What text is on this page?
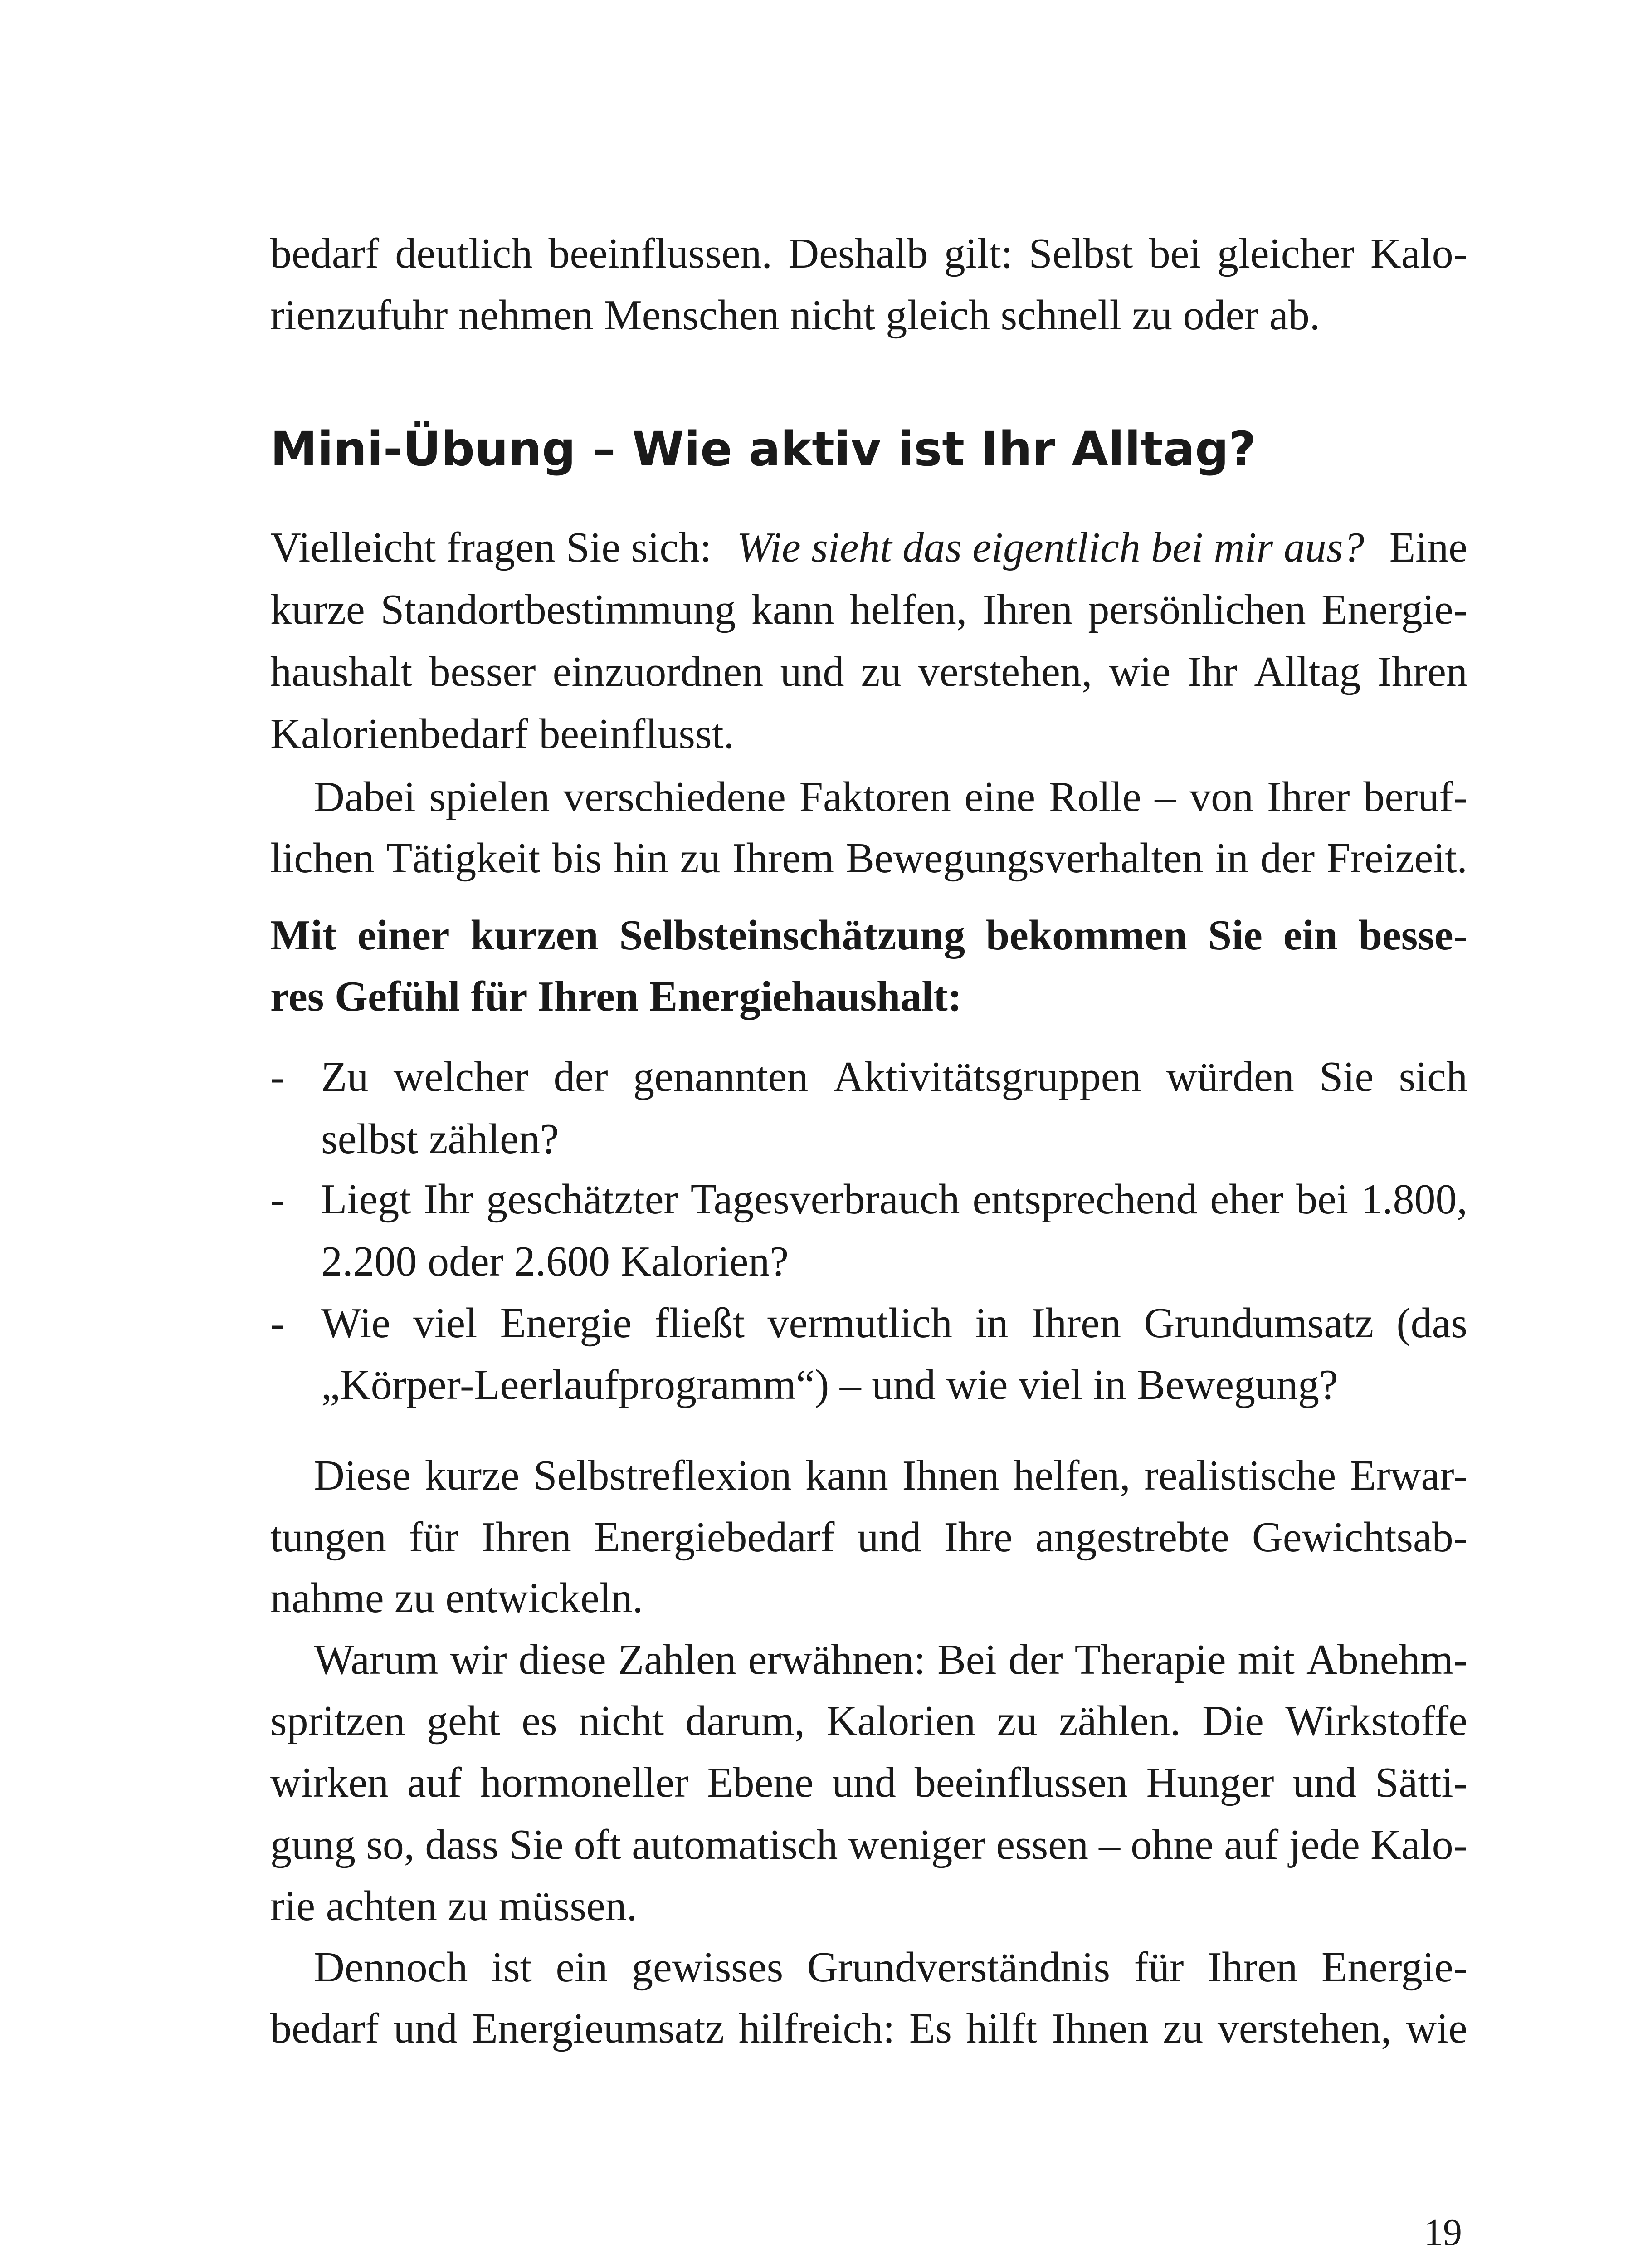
bedarf deutlich beeinflussen. Deshalb gilt: Selbst bei gleicher Kalo-
rienzufuhr nehmen Menschen nicht gleich schnell zu oder ab.
Mini-Übung – Wie aktiv ist Ihr Alltag?
Vielleicht fragen Sie sich: Wie sieht das eigentlich bei mir aus? Eine
kurze Standortbestimmung kann helfen, Ihren persönlichen Energie-
haushalt besser einzuordnen und zu verstehen, wie Ihr Alltag Ihren
Kalorienbedarf beeinflusst.
Dabei spielen verschiedene Faktoren eine Rolle – von Ihrer beruf-
lichen Tätigkeit bis hin zu Ihrem Bewegungsverhalten in der Freizeit.
Mit einer kurzen Selbsteinschätzung bekommen Sie ein besse-
res Gefühl für Ihren Energiehaushalt:
- Zu welcher der genannten Aktivitätsgruppen würden Sie sich
selbst zählen?
- Liegt Ihr geschätzter Tagesverbrauch entsprechend eher bei 1.800,
2.200 oder 2.600 Kalorien?
- Wie viel Energie fließt vermutlich in Ihren Grundumsatz (das
„Körper-Leerlaufprogramm“) – und wie viel in Bewegung?
Diese kurze Selbstreflexion kann Ihnen helfen, realistische Erwar-
tungen für Ihren Energiebedarf und Ihre angestrebte Gewichtsab-
nahme zu entwickeln.
Warum wir diese Zahlen erwähnen: Bei der Therapie mit Abnehm-
spritzen geht es nicht darum, Kalorien zu zählen. Die Wirkstoffe
wirken auf hormoneller Ebene und beeinflussen Hunger und Sätti-
gung so, dass Sie oft automatisch weniger essen – ohne auf jede Kalo-
rie achten zu müssen.
Dennoch ist ein gewisses Grundverständnis für Ihren Energie-
bedarf und Energieumsatz hilfreich: Es hilft Ihnen zu verstehen, wie
19
